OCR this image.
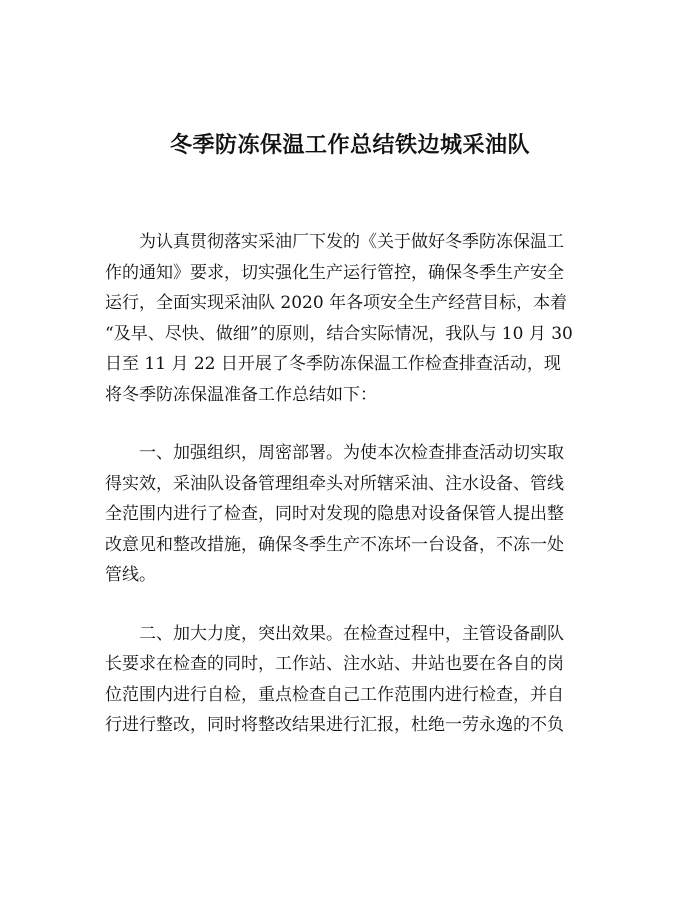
冬季防冻保温工作总结铁边城采油队

　　为认真贯彻落实采油厂下发的《关于做好冬季防冻保温工
作的通知》要求，切实强化生产运行管控，确保冬季生产安全
运行，全面实现采油队 2020 年各项安全生产经营目标，本着
“及早、尽快、做细”的原则，结合实际情况，我队与 10 月 30
日至 11 月 22 日开展了冬季防冻保温工作检查排查活动，现
将冬季防冻保温准备工作总结如下：

　　一、加强组织，周密部署。为使本次检查排查活动切实取
得实效，采油队设备管理组牵头对所辖采油、注水设备、管线
全范围内进行了检查，同时对发现的隐患对设备保管人提出整
改意见和整改措施，确保冬季生产不冻坏一台设备，不冻一处
管线。

　　二、加大力度，突出效果。在检查过程中，主管设备副队
长要求在检查的同时，工作站、注水站、井站也要在各自的岗
位范围内进行自检，重点检查自己工作范围内进行检查，并自
行进行整改，同时将整改结果进行汇报，杜绝一劳永逸的不负
